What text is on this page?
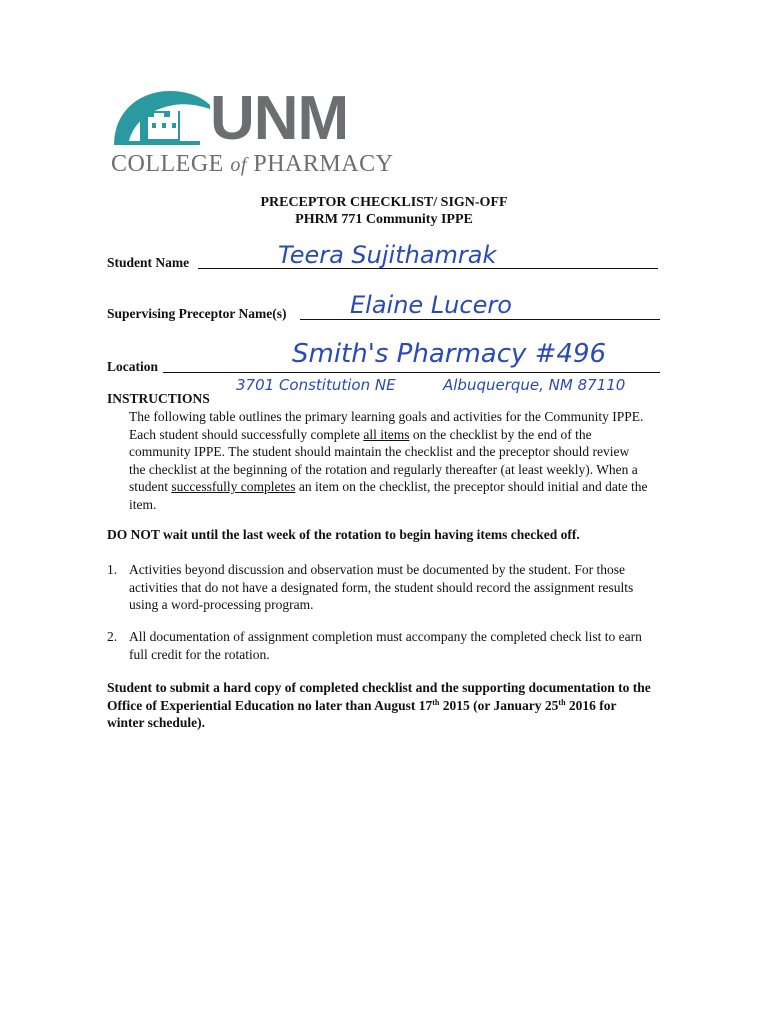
UNM
COLLEGE of PHARMACY
PRECEPTOR CHECKLIST/ SIGN-OFF
PHRM 771 Community IPPE
Student Name	Teera Sujithamrak
Supervising Preceptor Name(s)	Elaine Lucero
Location	Smith's Pharmacy #496
3701 Constitution NE	Albuquerque, NM 87110
INSTRUCTIONS
The following table outlines the primary learning goals and activities for the Community IPPE. Each student should successfully complete all items on the checklist by the end of the community IPPE. The student should maintain the checklist and the preceptor should review the checklist at the beginning of the rotation and regularly thereafter (at least weekly). When a student successfully completes an item on the checklist, the preceptor should initial and date the item.
DO NOT wait until the last week of the rotation to begin having items checked off.
1. Activities beyond discussion and observation must be documented by the student. For those activities that do not have a designated form, the student should record the assignment results using a word-processing program.
2. All documentation of assignment completion must accompany the completed check list to earn full credit for the rotation.
Student to submit a hard copy of completed checklist and the supporting documentation to the Office of Experiential Education no later than August 17th 2015 (or January 25th 2016 for winter schedule).
